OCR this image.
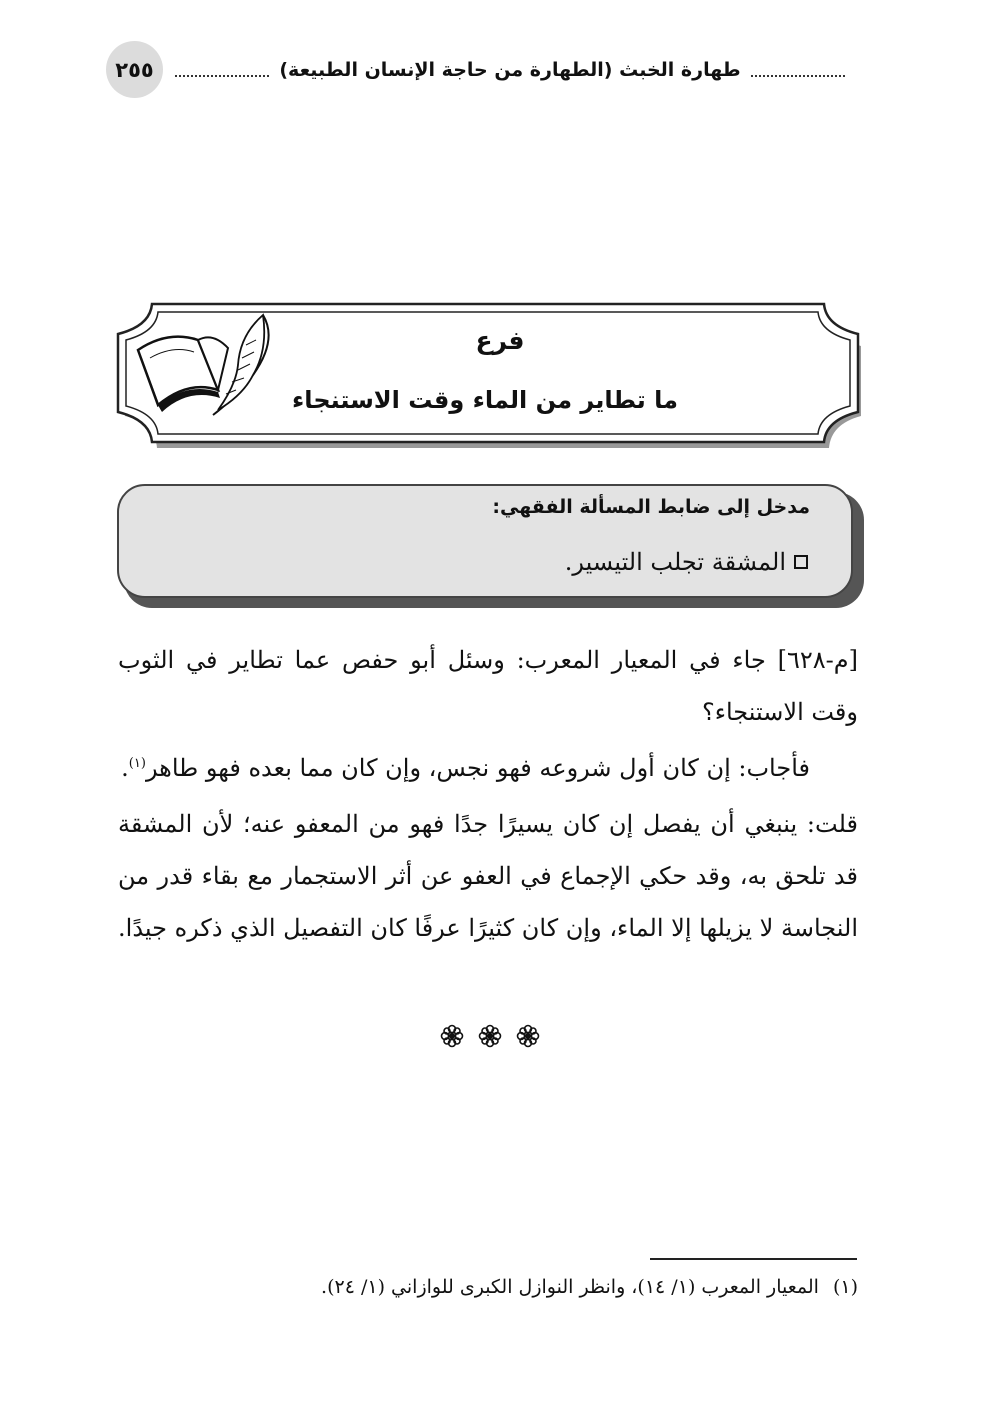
٢٥٥	طهارة الخبث (الطهارة من حاجة الإنسان الطبيعة)
فرع
ما تطاير من الماء وقت الاستنجاء
مدخل إلى ضابط المسألة الفقهي:
المشقة تجلب التيسير.
[م-٦٢٨] جاء في المعيار المعرب: وسئل أبو حفص عما تطاير في الثوب وقت الاستنجاء؟
فأجاب: إن كان أول شروعه فهو نجس، وإن كان مما بعده فهو طاهر$^{(١)}$.
قلت: ينبغي أن يفصل إن كان يسيرًا جدًا فهو من المعفو عنه؛ لأن المشقة قد تلحق به، وقد حكي الإجماع في العفو عن أثر الاستجمار مع بقاء قدر من النجاسة لا يزيلها إلا الماء، وإن كان كثيرًا عرفًا كان التفصيل الذي ذكره جيدًا.
(١)المعيار المعرب (١/ ١٤)، وانظر النوازل الكبرى للوازاني (١/ ٢٤).
